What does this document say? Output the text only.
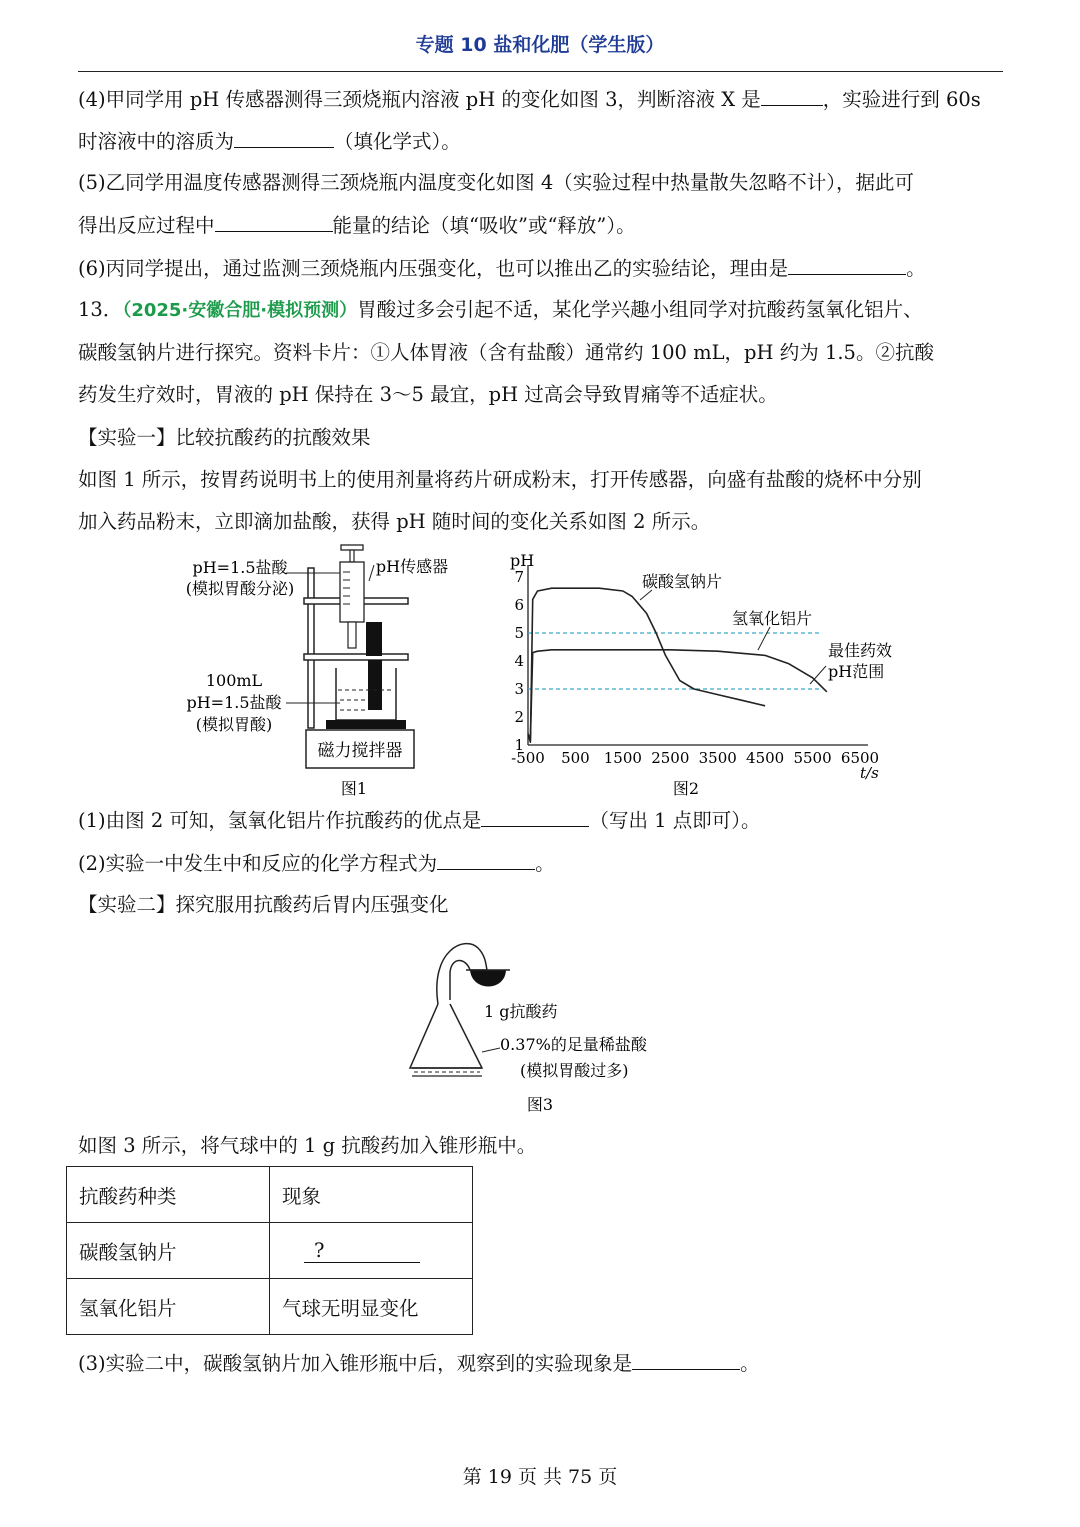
专题 10 盐和化肥（学生版）
(4)甲同学用 pH 传感器测得三颈烧瓶内溶液 pH 的变化如图 3，判断溶液 X 是	，实验进行到 60s
时溶液中的溶质为	（填化学式）。
(5)乙同学用温度传感器测得三颈烧瓶内温度变化如图 4（实验过程中热量散失忽略不计），据此可
得出反应过程中	能量的结论（填“吸收”或“释放”）。
(6)丙同学提出，通过监测三颈烧瓶内压强变化，也可以推出乙的实验结论，理由是	。
13．（2025·安徽合肥·模拟预测）胃酸过多会引起不适，某化学兴趣小组同学对抗酸药氢氧化铝片、
碳酸氢钠片进行探究。资料卡片：①人体胃液（含有盐酸）通常约 100 mL，pH 约为 1.5。②抗酸
药发生疗效时，胃液的 pH 保持在 3～5 最宜，pH 过高会导致胃痛等不适症状。
【实验一】比较抗酸药的抗酸效果
如图 1 所示，按胃药说明书上的使用剂量将药片研成粉末，打开传感器，向盛有盐酸的烧杯中分别
加入药品粉末，立即滴加盐酸，获得 pH 随时间的变化关系如图 2 所示。
pH=1.5盐酸
(模拟胃酸分泌)
pH传感器
100mL
pH=1.5盐酸
(模拟胃酸)
磁力搅拌器
图1
1
2
3
4
5
6
7
-500 500 1500 2500 3500 4500 5500 6500
pH
t/s
碳酸氢钠片
氢氧化铝片
最佳药效
pH范围
图2
(1)由图 2 可知，氢氧化铝片作抗酸药的优点是	（写出 1 点即可）。
(2)实验一中发生中和反应的化学方程式为	。
【实验二】探究服用抗酸药后胃内压强变化
1 g抗酸药
0.37%的足量稀盐酸
(模拟胃酸过多)
图3
如图 3 所示，将气球中的 1 g 抗酸药加入锥形瓶中。
抗酸药种类	现象
碳酸氢钠片	?
氢氧化铝片	气球无明显变化
(3)实验二中，碳酸氢钠片加入锥形瓶中后，观察到的实验现象是	。
第 19 页 共 75 页
